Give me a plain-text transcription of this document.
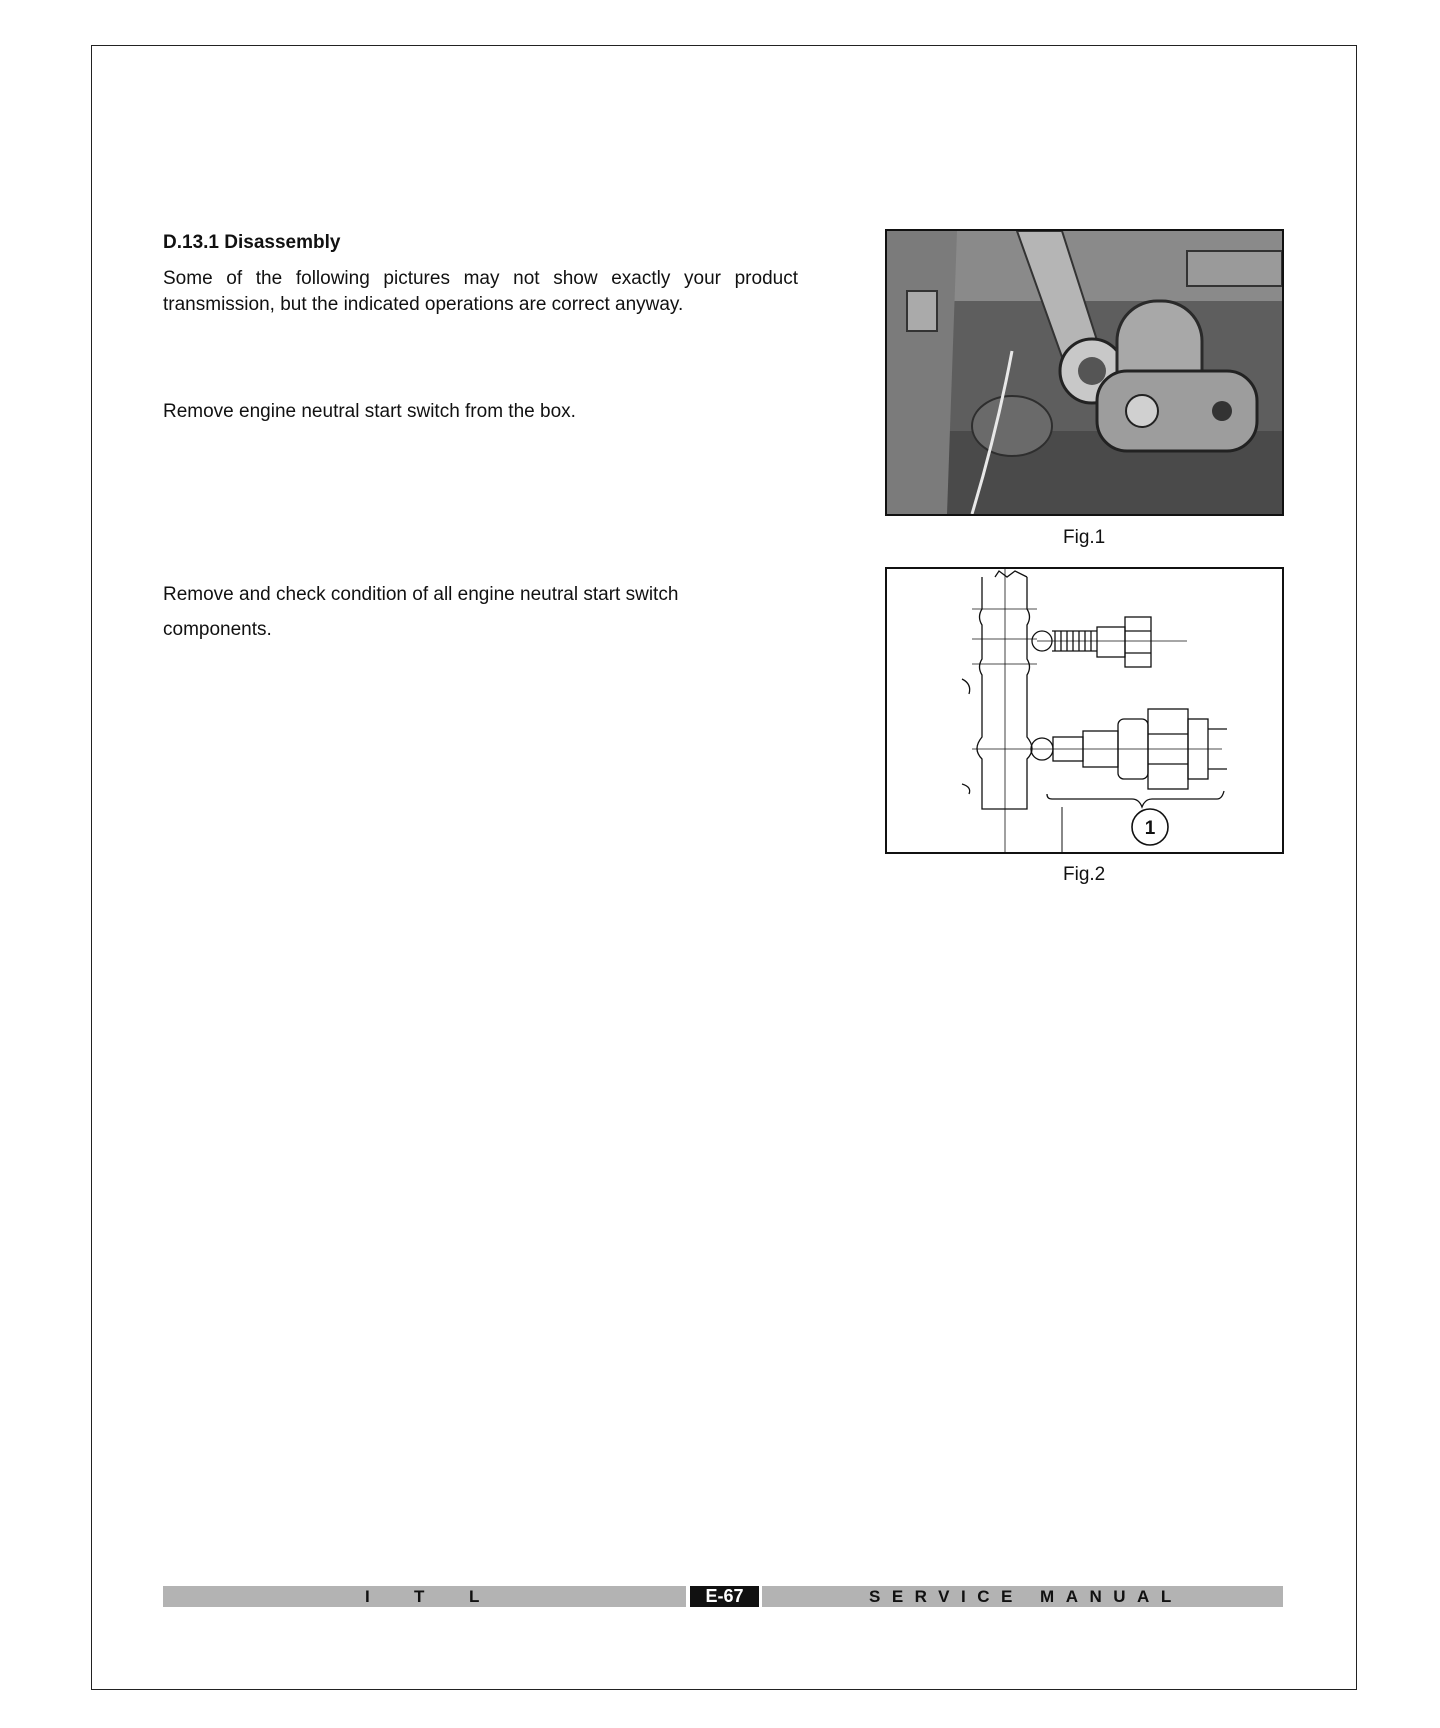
D.13.1 Disassembly

Some of the following pictures may not show exactly your product transmission, but the indicated operations are correct anyway.

Remove engine neutral start switch from the box.

Remove and check condition of all engine neutral start switch components.

Fig.1

1

Fig.2

I	T	L	E-67	SERVICE MANUAL
